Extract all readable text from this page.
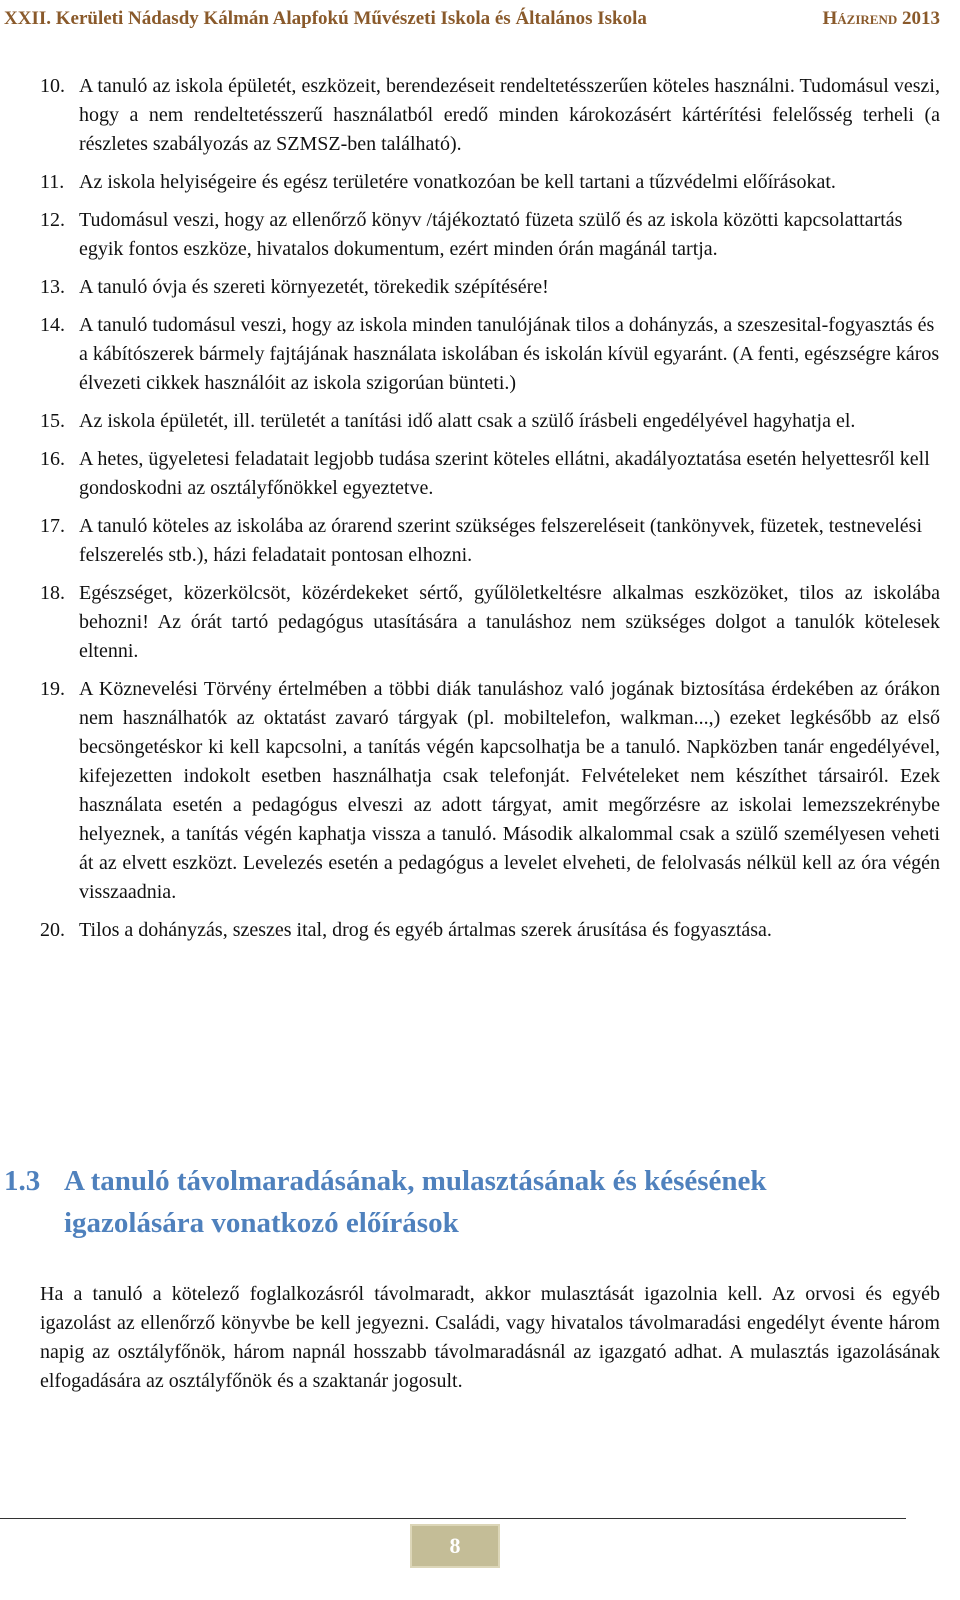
XXII. Kerületi Nádasdy Kálmán Alapfokú Művészeti Iskola és Általános Iskola	Házirend 2013
10. A tanuló az iskola épületét, eszközeit, berendezéseit rendeltetésszerűen köteles használni. Tudomásul veszi, hogy a nem rendeltetésszerű használatból eredő minden károkozásért kártérítési felelősség terheli (a részletes szabályozás az SZMSZ-ben található).
11. Az iskola helyiségeire és egész területére vonatkozóan be kell tartani a tűzvédelmi előírásokat.
12. Tudomásul veszi, hogy az ellenőrző könyv /tájékoztató füzeta szülő és az iskola közötti kapcsolattartás egyik fontos eszköze, hivatalos dokumentum, ezért minden órán magánál tartja.
13. A tanuló óvja és szereti környezetét, törekedik szépítésére!
14. A tanuló tudomásul veszi, hogy az iskola minden tanulójának tilos a dohányzás, a szeszesital-fogyasztás és a kábítószerek bármely fajtájának használata iskolában és iskolán kívül egyaránt. (A fenti, egészségre káros élvezeti cikkek használóit az iskola szigorúan bünteti.)
15. Az iskola épületét, ill. területét a tanítási idő alatt csak a szülő írásbeli engedélyével hagyhatja el.
16. A hetes, ügyeletesi feladatait legjobb tudása szerint köteles ellátni, akadályoztatása esetén helyettesről kell gondoskodni az osztályfőnökkel egyeztetve.
17. A tanuló köteles az iskolába az órarend szerint szükséges felszereléseit (tankönyvek, füzetek, testnevelési felszerelés stb.), házi feladatait pontosan elhozni.
18. Egészséget, közerkölcsöt, közérdekeket sértő, gyűlöletkeltésre alkalmas eszközöket, tilos az iskolába behozni! Az órát tartó pedagógus utasítására a tanuláshoz nem szükséges dolgot a tanulók kötelesek eltenni.
19. A Köznevelési Törvény értelmében a többi diák tanuláshoz való jogának biztosítása érdekében az órákon nem használhatók az oktatást zavaró tárgyak (pl. mobiltelefon, walkman...,) ezeket legkésőbb az első becsöngetéskor ki kell kapcsolni, a tanítás végén kapcsolhatja be a tanuló. Napközben tanár engedélyével, kifejezetten indokolt esetben használhatja csak telefonját. Felvételeket nem készíthet társairól. Ezek használata esetén a pedagógus elveszi az adott tárgyat, amit megőrzésre az iskolai lemezszekrénybe helyeznek, a tanítás végén kaphatja vissza a tanuló. Második alkalommal csak a szülő személyesen veheti át az elvett eszközt. Levelezés esetén a pedagógus a levelet elveheti, de felolvasás nélkül kell az óra végén visszaadnia.
20. Tilos a dohányzás, szeszes ital, drog és egyéb ártalmas szerek árusítása és fogyasztása.
1.3 A tanuló távolmaradásának, mulasztásának és késésének igazolására vonatkozó előírások

Ha a tanuló a kötelező foglalkozásról távolmaradt, akkor mulasztását igazolnia kell. Az orvosi és egyéb igazolást az ellenőrző könyvbe be kell jegyezni. Családi, vagy hivatalos távolmaradási engedélyt évente három napig az osztályfőnök, három napnál hosszabb távolmaradásnál az igazgató adhat. A mulasztás igazolásának elfogadására az osztályfőnök és a szaktanár jogosult.

8
